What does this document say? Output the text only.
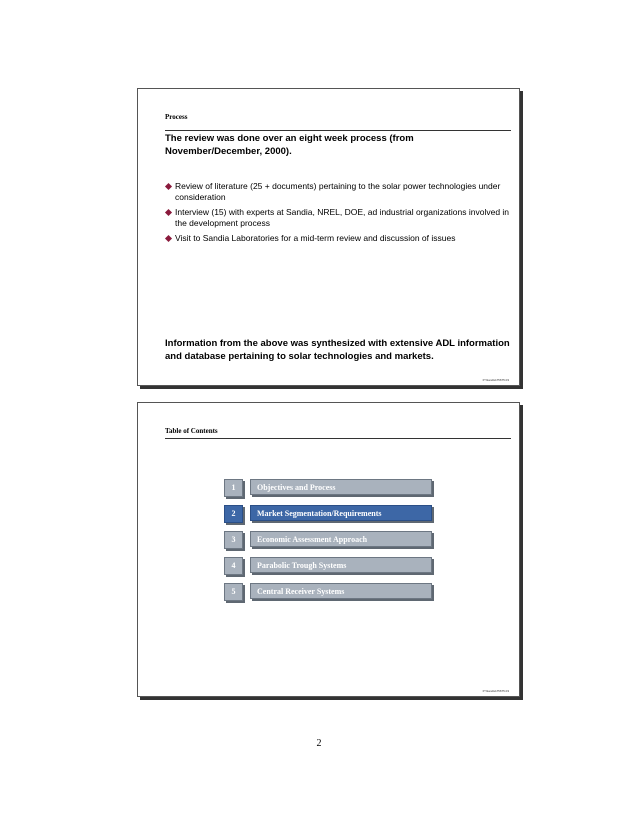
Process
The review was done over an eight week process (from November/December, 2000).
Review of literature (25 + documents) pertaining to the solar power technologies under consideration
Interview (15) with experts at Sandia, NREL, DOE, ad industrial organizations involved in the development process
Visit to Sandia Laboratories for a mid-term review and discussion of issues
Information from the above was synthesized with extensive ADL information and database pertaining to solar technologies and markets.
P:\Sandia\75675.03
Table of Contents
1	Objectives and Process
2	Market Segmentation/Requirements
3	Economic Assessment Approach
4	Parabolic Trough Systems
5	Central Receiver Systems
P:\Sandia\75675.03
2
